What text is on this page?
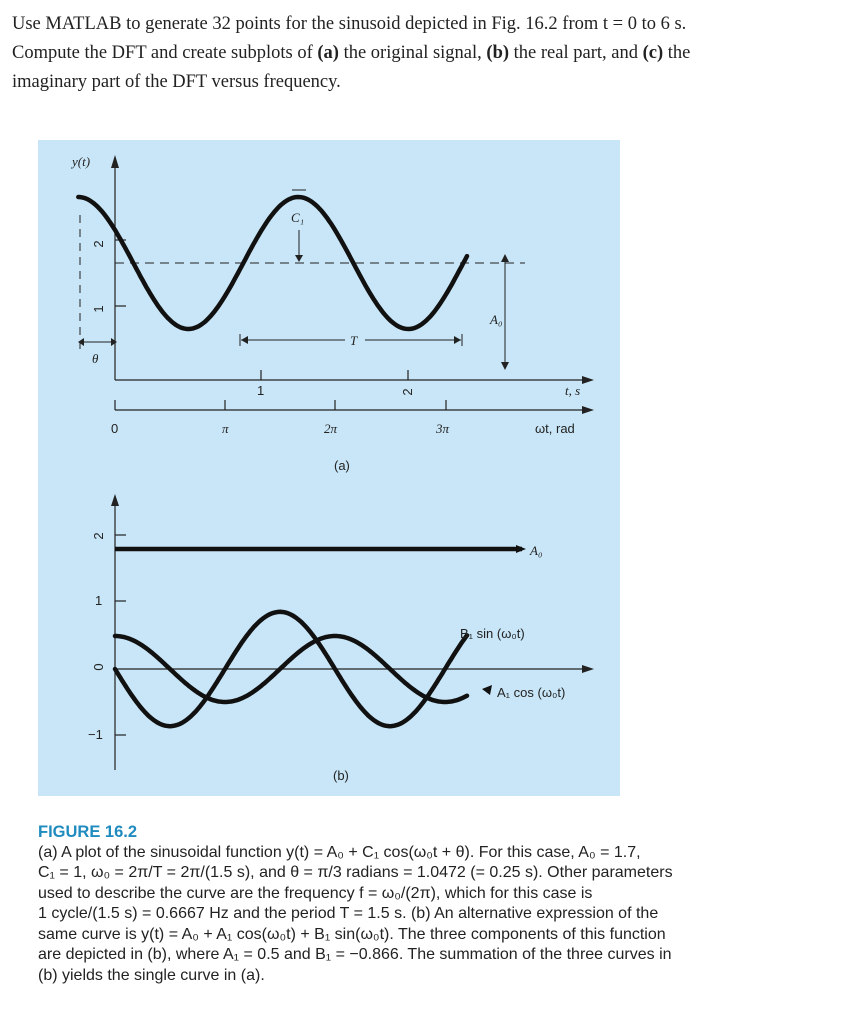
Use MATLAB to generate 32 points for the sinusoid depicted in Fig. 16.2 from t = 0 to 6 s.
Compute the DFT and create subplots of (a) the original signal, (b) the real part, and (c) the
imaginary part of the DFT versus frequency.
y(t)
2
1
θ
C₁
T
A₀
1	2	t, s
0	π	2π	3π	ωt, rad
(a)
2
1
0
−1
A₀
B₁ sin (ω₀t)
A₁ cos (ω₀t)
(b)
FIGURE 16.2
(a) A plot of the sinusoidal function y(t) = A₀ + C₁ cos(ω₀t + θ). For this case, A₀ = 1.7,
C₁ = 1, ω₀ = 2π/T = 2π/(1.5 s), and θ = π/3 radians = 1.0472 (= 0.25 s). Other parameters
used to describe the curve are the frequency f = ω₀/(2π), which for this case is
1 cycle/(1.5 s) = 0.6667 Hz and the period T = 1.5 s. (b) An alternative expression of the
same curve is y(t) = A₀ + A₁ cos(ω₀t) + B₁ sin(ω₀t). The three components of this function
are depicted in (b), where A₁ = 0.5 and B₁ = −0.866. The summation of the three curves in
(b) yields the single curve in (a).
